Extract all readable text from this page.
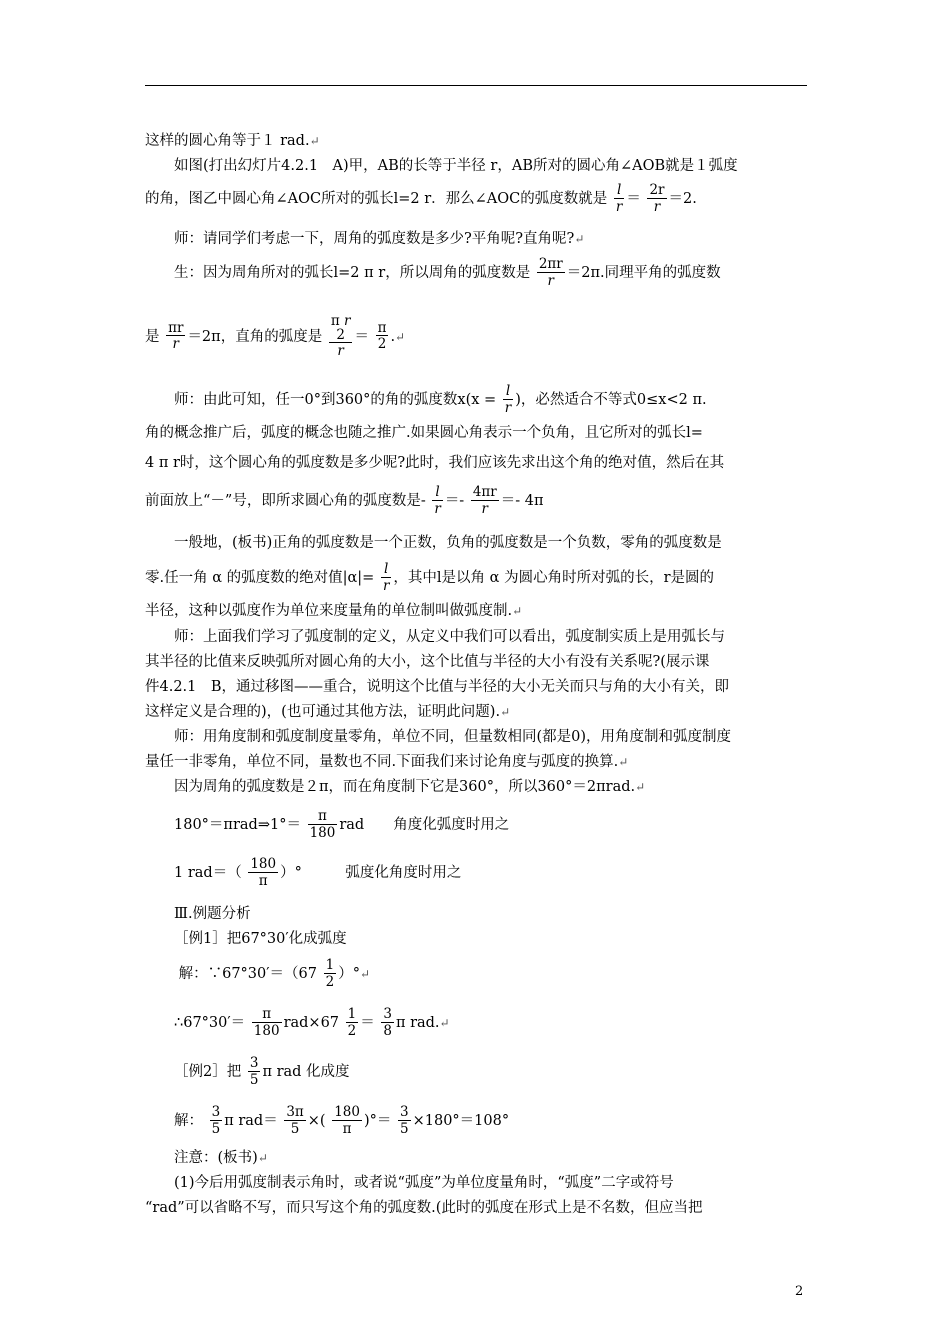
这样的圆心角等于１ rad.↵
如图(打出幻灯片4.2.1　A)甲，AB的长等于半径 r，AB所对的圆心角∠AOB就是１弧度
的角，图乙中圆心角∠AOC所对的弧长l=2 r．那么∠AOC的弧度数就是 $\frac{l}{r} = \frac{2r}{r} =2$.
师：请同学们考虑一下，周角的弧度数是多少?平角呢?直角呢?↵
生：因为周角所对的弧长l=2 π r，所以周角的弧度数是 $\frac{2\pi r}{r} =2\pi$.同理平角的弧度数
是 $\frac{\pi r}{r} =2\pi$，直角的弧度是
π r
2
r
＝ $\frac{\pi}{2}$ .↵
师：由此可知，任一0°到360°的角的弧度数$x(x = \frac{l}{r}$ )，必然适合不等式0≤x<2 π.
角的概念推广后，弧度的概念也随之推广.如果圆心角表示一个负角，且它所对的弧长l=
4 π r时，这个圆心角的弧度数是多少呢?此时，我们应该先求出这个角的绝对值，然后在其
前面放上“－”号，即所求圆心角的弧度数是- $\frac{l}{r} =- \frac{4\pi r}{r} =- 4\pi$
一般地，(板书)正角的弧度数是一个正数，负角的弧度数是一个负数，零角的弧度数是
零.任一角 α 的弧度数的绝对值$|\alpha|= \frac{l}{r}$ ，其中l是以角 α 为圆心角时所对弧的长，r是圆的
半径，这种以弧度作为单位来度量角的单位制叫做弧度制.↵
师：上面我们学习了弧度制的定义，从定义中我们可以看出，弧度制实质上是用弧长与
其半径的比值来反映弧所对圆心角的大小，这个比值与半径的大小有没有关系呢?(展示课
件4.2.1　B，通过移图——重合，说明这个比值与半径的大小无关而只与角的大小有关，即
这样定义是合理的)，(也可通过其他方法，证明此问题).↵
师：用角度制和弧度制度量零角，单位不同，但量数相同(都是0)，用角度制和弧度制度
量任一非零角，单位不同，量数也不同.下面我们来讨论角度与弧度的换算.↵
因为周角的弧度数是２π，而在角度制下它是360°，所以360°＝2πrad.↵
180°＝πrad⇒1°＝ $\frac{\pi}{180}$ rad　　角度化弧度时用之
1 $rad=( \frac{180}{\pi}$ ）°　　　弧度化角度时用之
Ⅲ.例题分析
［例1］把67°30′化成弧度
解：∵67°30′＝（67 $\frac{1}{2}$ ）°↵
∴67°30′＝ $\frac{\pi}{180} rad\times 67 \frac{1}{2} = \frac{3}{8}$ π rad.↵
［例2］把 $\frac{3}{5}$ π rad 化成度
解： $\frac{3}{5}$ π $rad= \frac{3\pi}{5}$ ×( $\frac{180}{\pi}$ )°＝ $\frac{3}{5} \times 180^\circ=108^\circ$
注意：(板书)↵
(1)今后用弧度制表示角时，或者说“弧度”为单位度量角时，“弧度”二字或符号
“rad”可以省略不写，而只写这个角的弧度数.(此时的弧度在形式上是不名数，但应当把
2
